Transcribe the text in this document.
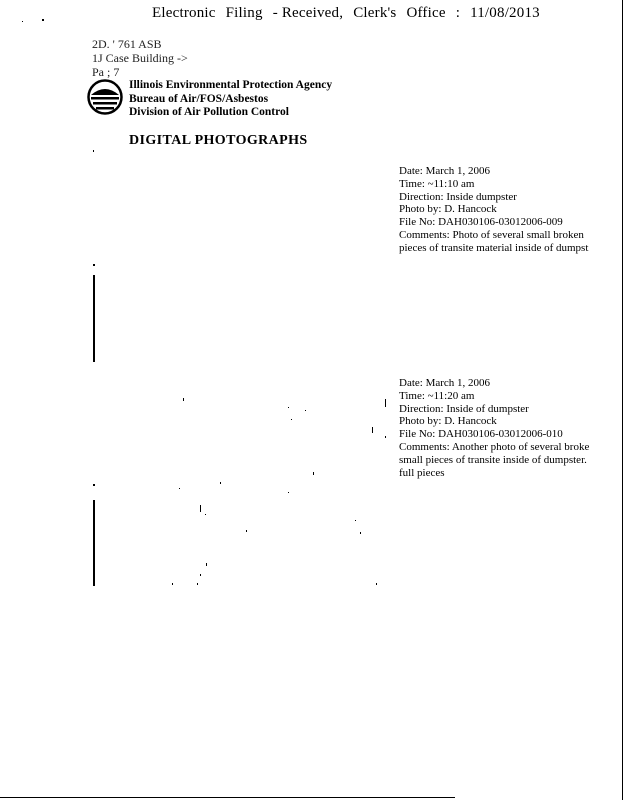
Electronic Filing - Received, Clerk's Office : 11/08/2013
2D. ' 761 ASB
1J Case Building ->
Pa ; 7
Illinois Environmental Protection Agency
Bureau of Air/FOS/Asbestos
Division of Air Pollution Control
DIGITAL PHOTOGRAPHS
Date: March 1, 2006
Time: ~11:10 am
Direction: Inside dumpster
Photo by: D. Hancock
File No: DAH030106-03012006-009
Comments: Photo of several small broken
pieces of transite material inside of dumpst
Date: March 1, 2006
Time: ~11:20 am
Direction: Inside of dumpster
Photo by: D. Hancock
File No: DAH030106-03012006-010
Comments: Another photo of several broke
small pieces of transite inside of dumpster.
full pieces
